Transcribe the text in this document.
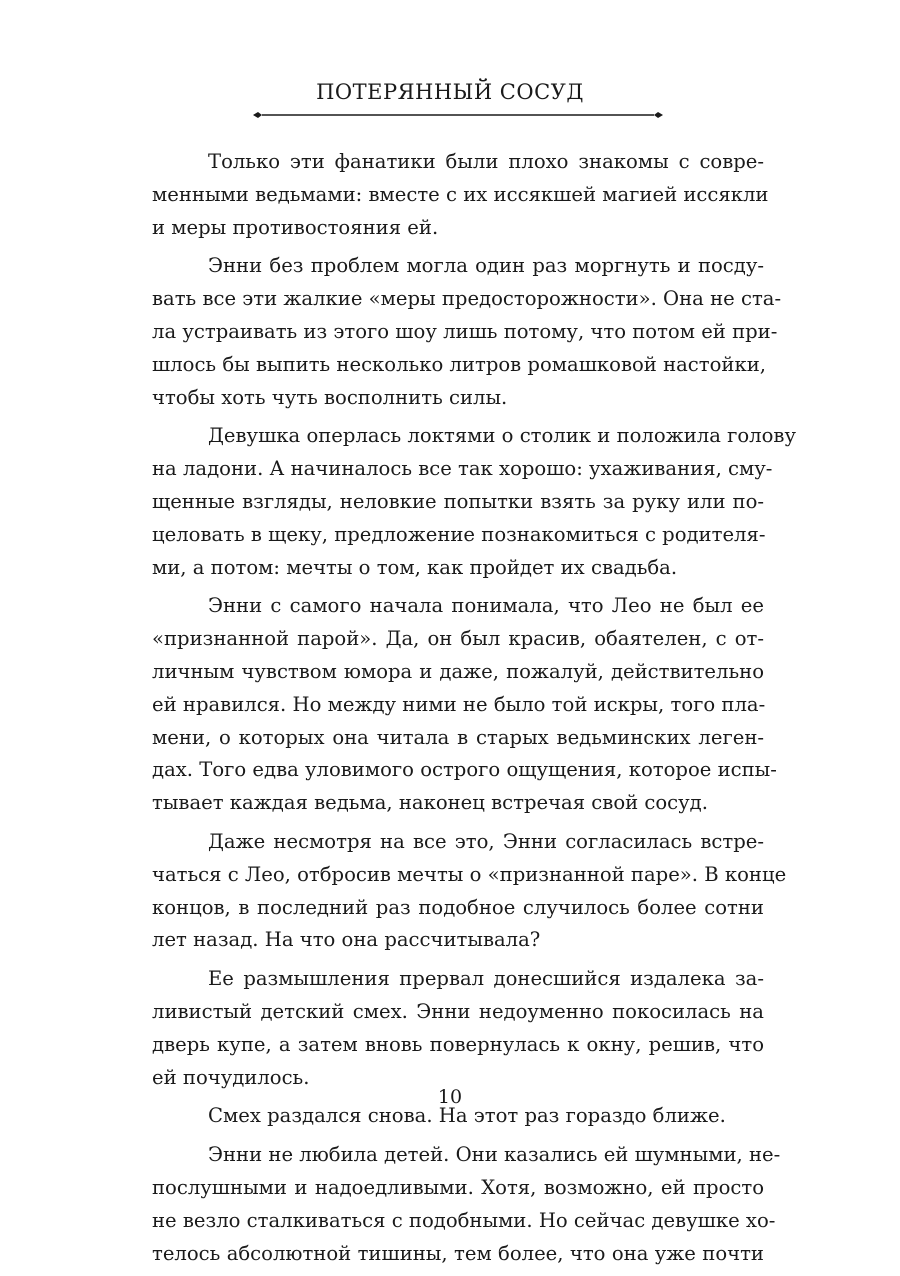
ПОТЕРЯННЫЙ СОСУД

Только эти фанатики были плохо знакомы с совре-
менными ведьмами: вместе с их иссякшей магией иссякли
и меры противостояния ей.

Энни без проблем могла один раз моргнуть и посду-
вать все эти жалкие «меры предосторожности». Она не ста-
ла устраивать из этого шоу лишь потому, что потом ей при-
шлось бы выпить несколько литров ромашковой настойки,
чтобы хоть чуть восполнить силы.

Девушка оперлась локтями о столик и положила голову
на ладони. А начиналось все так хорошо: ухаживания, сму-
щенные взгляды, неловкие попытки взять за руку или по-
целовать в щеку, предложение познакомиться с родителя-
ми, а потом: мечты о том, как пройдет их свадьба.

Энни с самого начала понимала, что Лео не был ее
«признанной парой». Да, он был красив, обаятелен, с от-
личным чувством юмора и даже, пожалуй, действительно
ей нравился. Но между ними не было той искры, того пла-
мени, о которых она читала в старых ведьминских леген-
дах. Того едва уловимого острого ощущения, которое испы-
тывает каждая ведьма, наконец встречая свой сосуд.

Даже несмотря на все это, Энни согласилась встре-
чаться с Лео, отбросив мечты о «признанной паре». В конце
концов, в последний раз подобное случилось более сотни
лет назад. На что она рассчитывала?

Ее размышления прервал донесшийся издалека за-
ливистый детский смех. Энни недоуменно покосилась на
дверь купе, а затем вновь повернулась к окну, решив, что
ей почудилось.

Смех раздался снова. На этот раз гораздо ближе.

Энни не любила детей. Они казались ей шумными, не-
послушными и надоедливыми. Хотя, возможно, ей просто
не везло сталкиваться с подобными. Но сейчас девушке хо-
телось абсолютной тишины, тем более, что она уже почти

10
